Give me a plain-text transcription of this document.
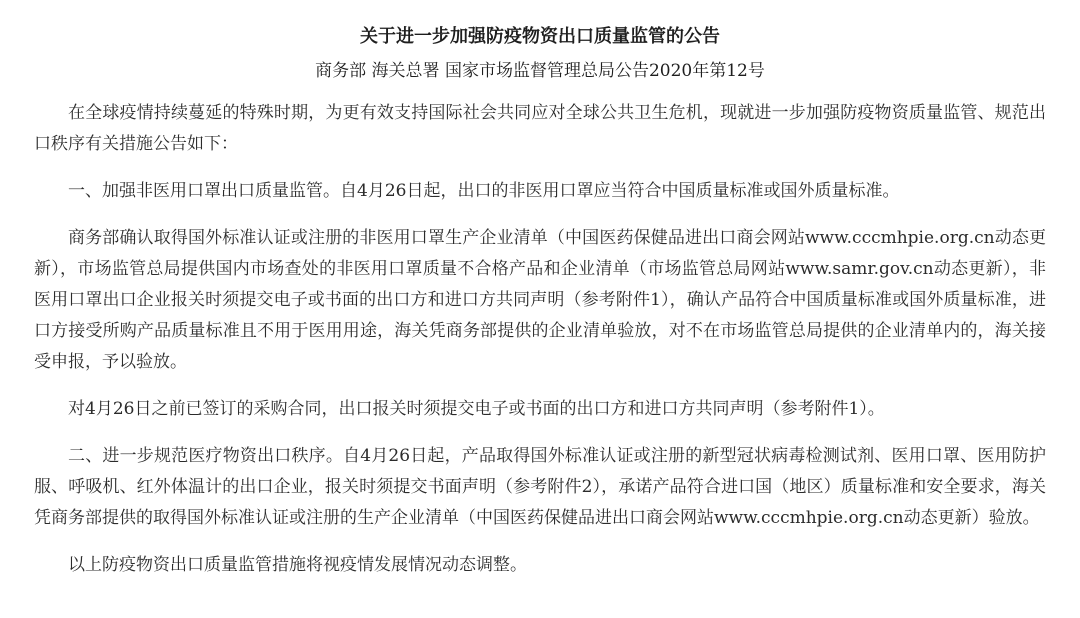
关于进一步加强防疫物资出口质量监管的公告
商务部 海关总署 国家市场监督管理总局公告2020年第12号

在全球疫情持续蔓延的特殊时期，为更有效支持国际社会共同应对全球公共卫生危机，现就进一步加强防疫物资质量监管、规范出口秩序有关措施公告如下：

一、加强非医用口罩出口质量监管。自4月26日起，出口的非医用口罩应当符合中国质量标准或国外质量标准。

商务部确认取得国外标准认证或注册的非医用口罩生产企业清单（中国医药保健品进出口商会网站www.cccmhpie.org.cn动态更新），市场监管总局提供国内市场查处的非医用口罩质量不合格产品和企业清单（市场监管总局网站www.samr.gov.cn动态更新），非医用口罩出口企业报关时须提交电子或书面的出口方和进口方共同声明（参考附件1），确认产品符合中国质量标准或国外质量标准，进口方接受所购产品质量标准且不用于医用用途，海关凭商务部提供的企业清单验放，对不在市场监管总局提供的企业清单内的，海关接受申报，予以验放。

对4月26日之前已签订的采购合同，出口报关时须提交电子或书面的出口方和进口方共同声明（参考附件1）。

二、进一步规范医疗物资出口秩序。自4月26日起，产品取得国外标准认证或注册的新型冠状病毒检测试剂、医用口罩、医用防护服、呼吸机、红外体温计的出口企业，报关时须提交书面声明（参考附件2），承诺产品符合进口国（地区）质量标准和安全要求，海关凭商务部提供的取得国外标准认证或注册的生产企业清单（中国医药保健品进出口商会网站www.cccmhpie.org.cn动态更新）验放。

以上防疫物资出口质量监管措施将视疫情发展情况动态调整。
